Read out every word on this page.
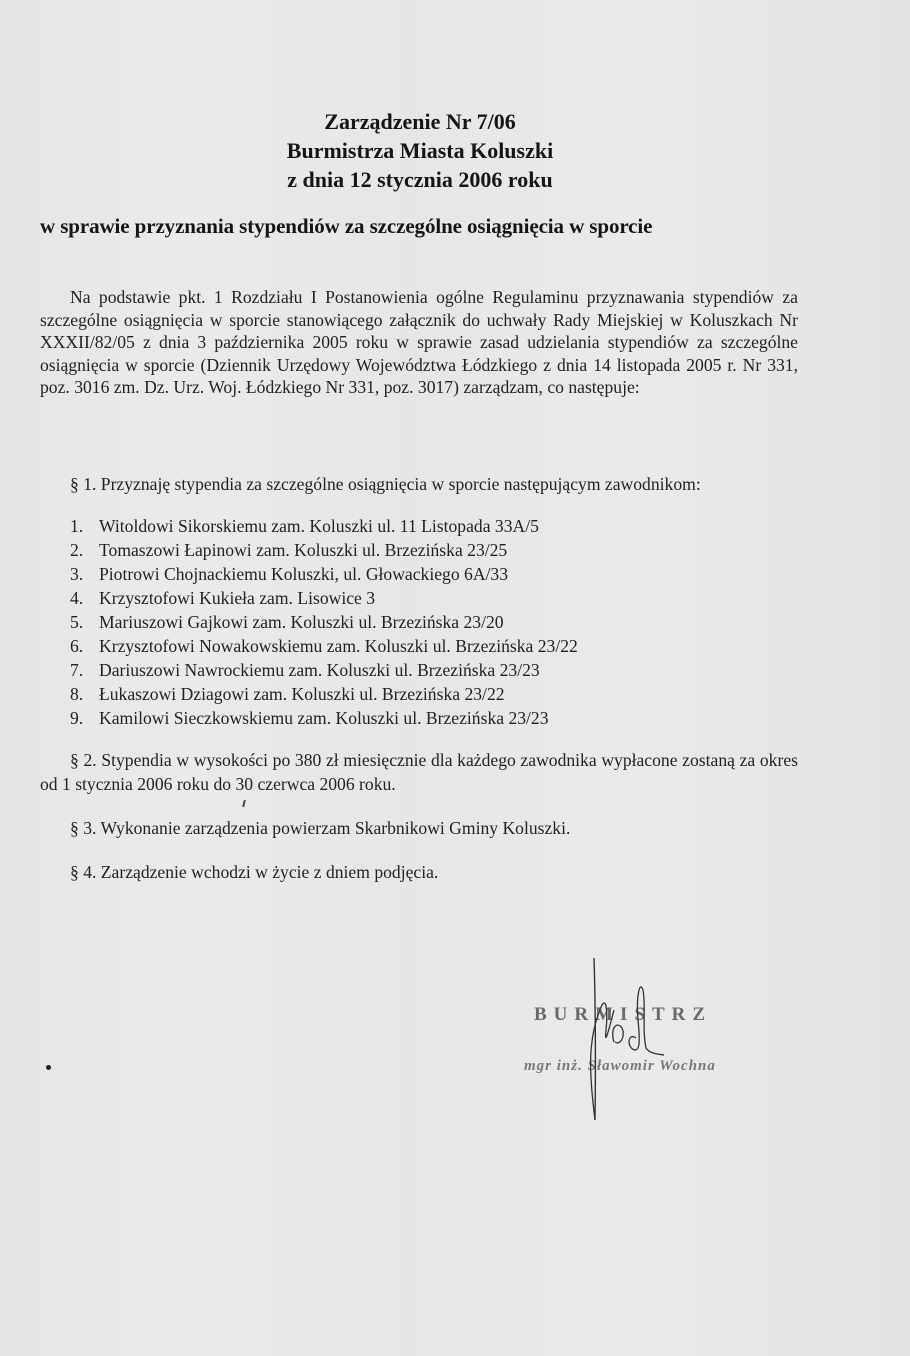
Zarządzenie Nr 7/06
Burmistrza Miasta Koluszki
z dnia 12 stycznia 2006 roku
w sprawie przyznania stypendiów za szczególne osiągnięcia w sporcie
Na podstawie pkt. 1 Rozdziału I Postanowienia ogólne Regulaminu przyznawania stypendiów za szczególne osiągnięcia w sporcie stanowiącego załącznik do uchwały Rady Miejskiej w Koluszkach Nr XXXII/82/05 z dnia 3 października 2005 roku w sprawie zasad udzielania stypendiów za szczególne osiągnięcia w sporcie (Dziennik Urzędowy Województwa Łódzkiego z dnia 14 listopada 2005 r. Nr 331, poz. 3016 zm. Dz. Urz. Woj. Łódzkiego Nr 331, poz. 3017) zarządzam, co następuje:
§ 1. Przyznaję stypendia za szczególne osiągnięcia w sporcie następującym zawodnikom:
1. Witoldowi Sikorskiemu zam. Koluszki ul. 11 Listopada 33A/5
2. Tomaszowi Łapinowi zam. Koluszki ul. Brzezińska 23/25
3. Piotrowi Chojnackiemu Koluszki, ul. Głowackiego 6A/33
4. Krzysztofowi Kukieła zam. Lisowice 3
5. Mariuszowi Gajkowi zam. Koluszki ul. Brzezińska 23/20
6. Krzysztofowi Nowakowskiemu zam. Koluszki ul. Brzezińska 23/22
7. Dariuszowi Nawrockiemu zam. Koluszki ul. Brzezińska 23/23
8. Łukaszowi Dziagowi zam. Koluszki ul. Brzezińska 23/22
9. Kamilowi Sieczkowskiemu zam. Koluszki ul. Brzezińska 23/23
§ 2. Stypendia w wysokości po 380 zł miesięcznie dla każdego zawodnika wypłacone zostaną za okres od 1 stycznia 2006 roku do 30 czerwca 2006 roku.
§ 3. Wykonanie zarządzenia powierzam Skarbnikowi Gminy Koluszki.
§ 4. Zarządzenie wchodzi w życie z dniem podjęcia.
BURMISTRZ
mgr inż. Sławomir Wochna
